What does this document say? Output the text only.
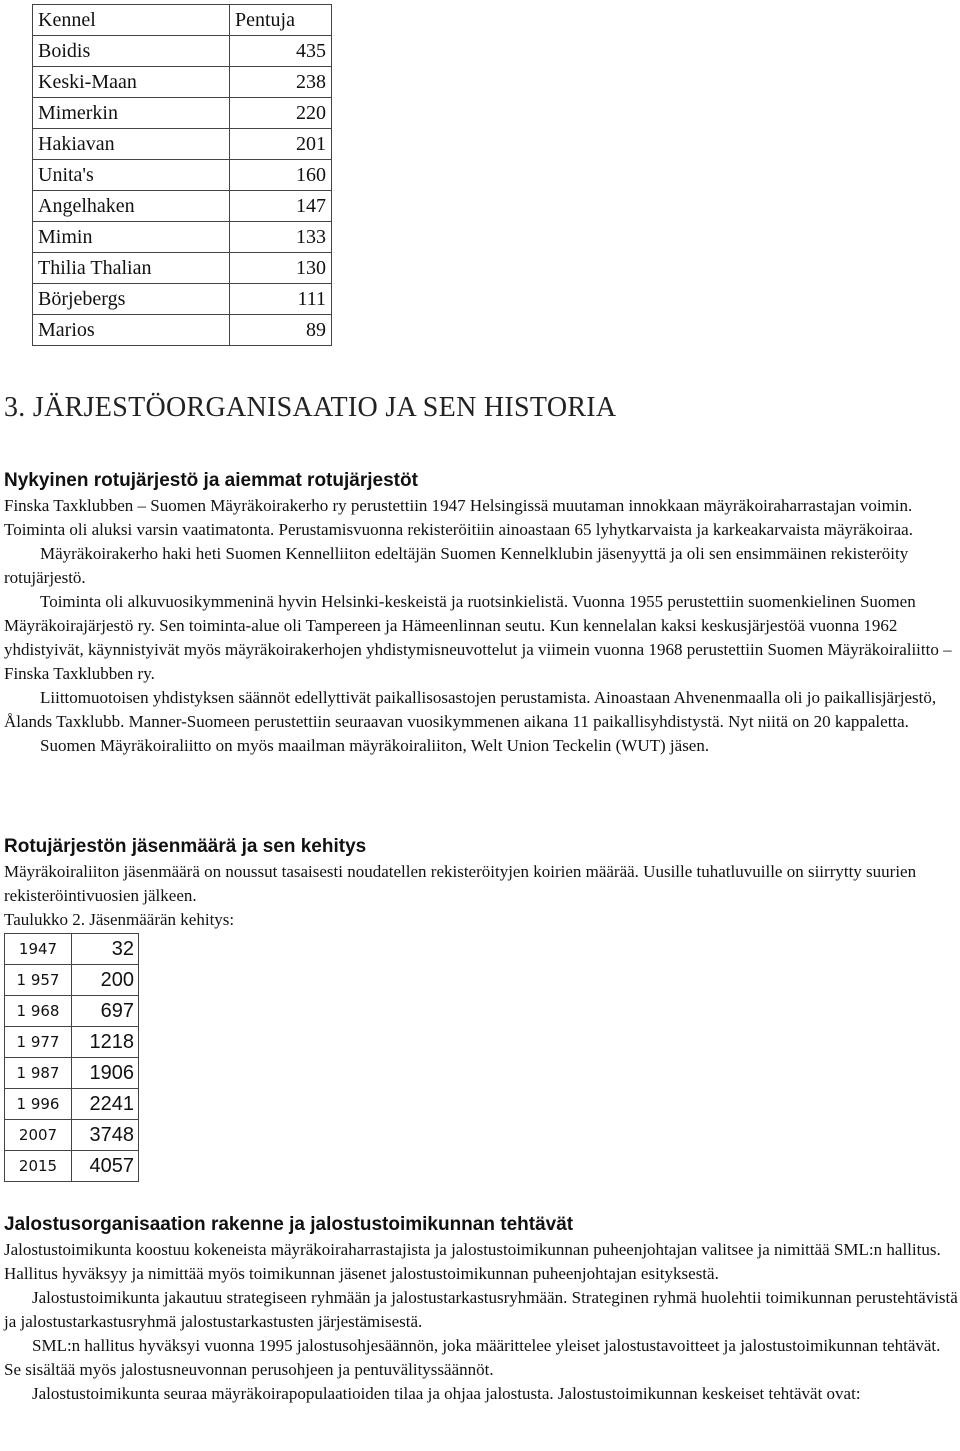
Kennel	Pentuja
Boidis	435
Keski-Maan	238
Mimerkin	220
Hakiavan	201
Unita's	160
Angelhaken	147
Mimin	133
Thilia Thalian	130
Börjebergs	111
Marios	89
3. JÄRJESTÖORGANISAATIO JA SEN HISTORIA
Nykyinen rotujärjestö ja aiemmat rotujärjestöt

Finska Taxklubben – Suomen Mäyräkoirakerho ry perustettiin 1947 Helsingissä muutaman innokkaan mäyräkoiraharrastajan voimin. Toiminta oli aluksi varsin vaatimatonta. Perustamisvuonna rekisteröitiin ainoastaan 65 lyhytkarvaista ja karkeakarvaista mäyräkoiraa.

Mäyräkoirakerho haki heti Suomen Kennelliiton edeltäjän Suomen Kennelklubin jäsenyyttä ja oli sen ensimmäinen rekisteröity rotujärjestö.

Toiminta oli alkuvuosikymmeninä hyvin Helsinki-keskeistä ja ruotsinkielistä. Vuonna 1955 perustettiin suomenkielinen Suomen Mäyräkoirajärjestö ry. Sen toiminta-alue oli Tampereen ja Hämeenlinnan seutu. Kun kennelalan kaksi keskusjärjestöä vuonna 1962 yhdistyivät, käynnistyivät myös mäyräkoirakerhojen yhdistymisneuvottelut ja viimein vuonna 1968 perustettiin Suomen Mäyräkoiraliitto – Finska Taxklubben ry.

Liittomuotoisen yhdistyksen säännöt edellyttivät paikallisosastojen perustamista. Ainoastaan Ahvenenmaalla oli jo paikallisjärjestö, Ålands Taxklubb. Manner-Suomeen perustettiin seuraavan vuosikymmenen aikana 11 paikallisyhdistystä. Nyt niitä on 20 kappaletta.

Suomen Mäyräkoiraliitto on myös maailman mäyräkoiraliiton, Welt Union Teckelin (WUT) jäsen.

Rotujärjestön jäsenmäärä ja sen kehitys

Mäyräkoiraliiton jäsenmäärä on noussut tasaisesti noudatellen rekisteröityjen koirien määrää. Uusille tuhatluvuille on siirrytty suurien rekisteröintivuosien jälkeen.

Taulukko 2. Jäsenmäärän kehitys:

1947	32
1 957	200
1 968	697
1 977	1218
1 987	1906
1 996	2241
2007	3748
2015	4057
Jalostusorganisaation rakenne ja jalostustoimikunnan tehtävät

Jalostustoimikunta koostuu kokeneista mäyräkoiraharrastajista ja jalostustoimikunnan puheenjohtajan valitsee ja nimittää SML:n hallitus. Hallitus hyväksyy ja nimittää myös toimikunnan jäsenet jalostustoimikunnan puheenjohtajan esityksestä.

Jalostustoimikunta jakautuu strategiseen ryhmään ja jalostustarkastusryhmään. Strateginen ryhmä huolehtii toimikunnan perustehtävistä ja jalostustarkastusryhmä jalostustarkastusten järjestämisestä.

SML:n hallitus hyväksyi vuonna 1995 jalostusohjesäännön, joka määrittelee yleiset jalostustavoitteet ja jalostustoimikunnan tehtävät. Se sisältää myös jalostusneuvonnan perusohjeen ja pentuvälityssäännöt.

Jalostustoimikunta seuraa mäyräkoirapopulaatioiden tilaa ja ohjaa jalostusta. Jalostustoimikunnan keskeiset tehtävät ovat:
